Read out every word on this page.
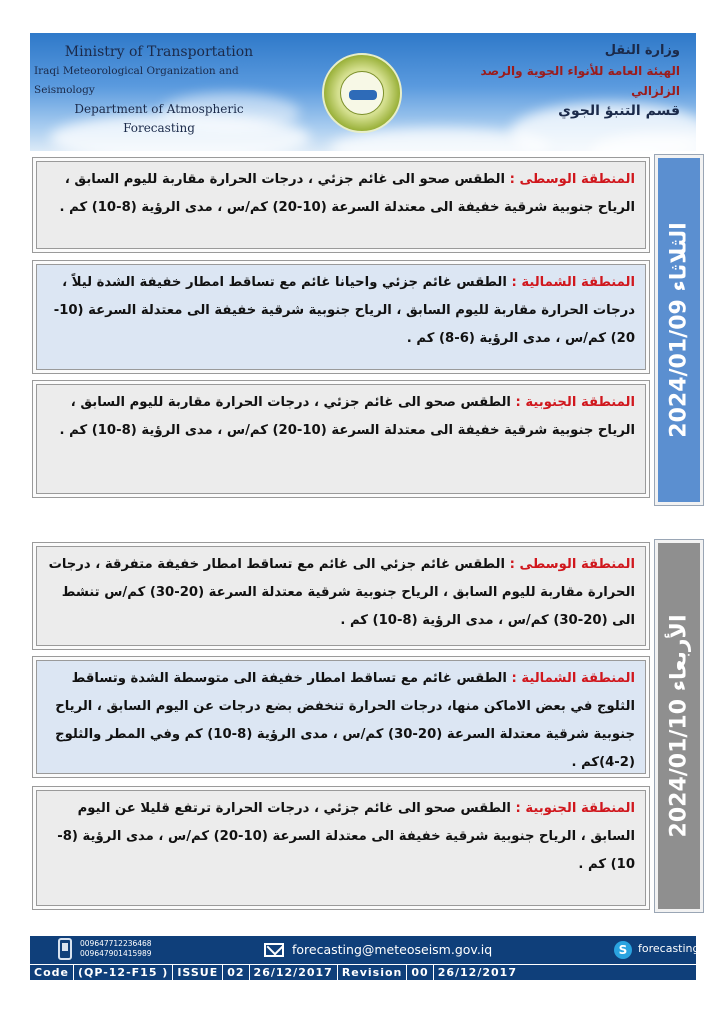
Ministry of Transportation
Iraqi Meteorological Organization and Seismology
Department of Atmospheric Forecasting
وزارة النقل
الهيئة العامة للأنواء الجوية والرصد الزلزالي
قسم التنبؤ الجوي
المنطقة الوسطى : الطقس صحو الى غائم جزئي ، درجات الحرارة مقاربة لليوم السابق ، الرياح جنوبية شرقية خفيفة الى معتدلة السرعة (10-20) كم/س ، مدى الرؤية (8-10) كم .
المنطقة الشمالية : الطقس غائم جزئي واحيانا غائم مع تساقط امطار خفيفة الشدة ليلاً ، درجات الحرارة مقاربة لليوم السابق ، الرياح جنوبية شرقية خفيفة الى معتدلة السرعة (10-20) كم/س ، مدى الرؤية (6-8) كم .
المنطقة الجنوبية : الطقس صحو الى غائم جزئي ، درجات الحرارة مقاربة لليوم السابق ، الرياح جنوبية شرقية خفيفة الى معتدلة السرعة (10-20) كم/س ، مدى الرؤية (8-10) كم .	الثلاثاء 2024/01/09
المنطقة الوسطى : الطقس غائم جزئي الى غائم مع تساقط امطار خفيفة متفرقة ، درجات الحرارة مقاربة لليوم السابق ، الرياح جنوبية شرقية معتدلة السرعة (20-30) كم/س تنشط الى (20-30) كم/س ، مدى الرؤية (8-10) كم .
المنطقة الشمالية : الطقس غائم مع تساقط امطار خفيفة الى متوسطة الشدة وتساقط الثلوج في بعض الاماكن منها، درجات الحرارة تنخفض بضع درجات عن اليوم السابق ، الرياح جنوبية شرقية معتدلة السرعة (20-30) كم/س ، مدى الرؤية (8-10) كم وفي المطر والثلوج (2-4)كم .
المنطقة الجنوبية : الطقس صحو الى غائم جزئي ، درجات الحرارة ترتفع قليلا عن اليوم السابق ، الرياح جنوبية شرقية خفيفة الى معتدلة السرعة (10-20) كم/س ، مدى الرؤية (8-10) كم .
الأربعاء 2024/01/10
009647712236468
009647901415989	forecasting@meteoseism.gov.iq	S forecasting
Code (QP-12-F15 ) ISSUE 02 26/12/2017 Revision 00 26/12/2017
